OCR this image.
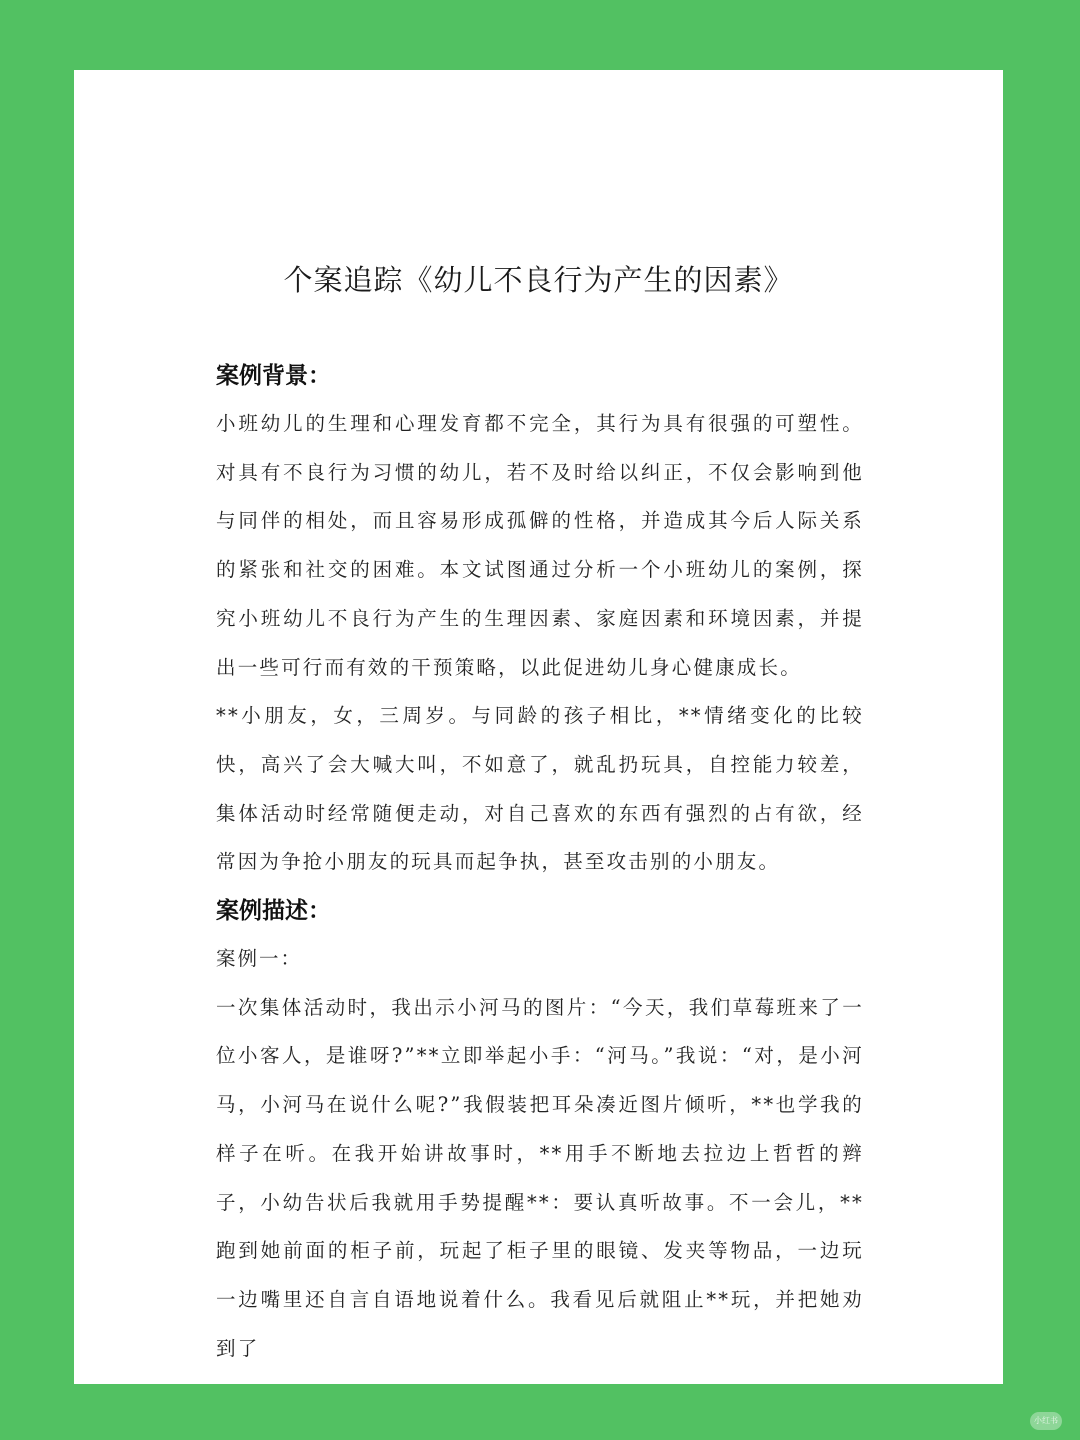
个案追踪《幼儿不良行为产生的因素》
案例背景：

小班幼儿的生理和心理发育都不完全，其行为具有很强的可塑性。对具有不良行为习惯的幼儿，若不及时给以纠正，不仅会影响到他与同伴的相处，而且容易形成孤僻的性格，并造成其今后人际关系的紧张和社交的困难。本文试图通过分析一个小班幼儿的案例，探究小班幼儿不良行为产生的生理因素、家庭因素和环境因素，并提出一些可行而有效的干预策略，以此促进幼儿身心健康成长。

**小朋友，女，三周岁。与同龄的孩子相比，**情绪变化的比较快，高兴了会大喊大叫，不如意了，就乱扔玩具，自控能力较差，集体活动时经常随便走动，对自己喜欢的东西有强烈的占有欲，经常因为争抢小朋友的玩具而起争执，甚至攻击别的小朋友。

案例描述：

案例一：

一次集体活动时，我出示小河马的图片：“今天，我们草莓班来了一位小客人，是谁呀?”**立即举起小手：“河马。”我说：“对，是小河马，小河马在说什么呢?”我假装把耳朵凑近图片倾听，**也学我的样子在听。在我开始讲故事时，**用手不断地去拉边上哲哲的辫子，小幼告状后我就用手势提醒**：要认真听故事。不一会儿，**跑到她前面的柜子前，玩起了柜子里的眼镜、发夹等物品，一边玩一边嘴里还自言自语地说着什么。我看见后就阻止**玩，并把她劝到了

小红书
